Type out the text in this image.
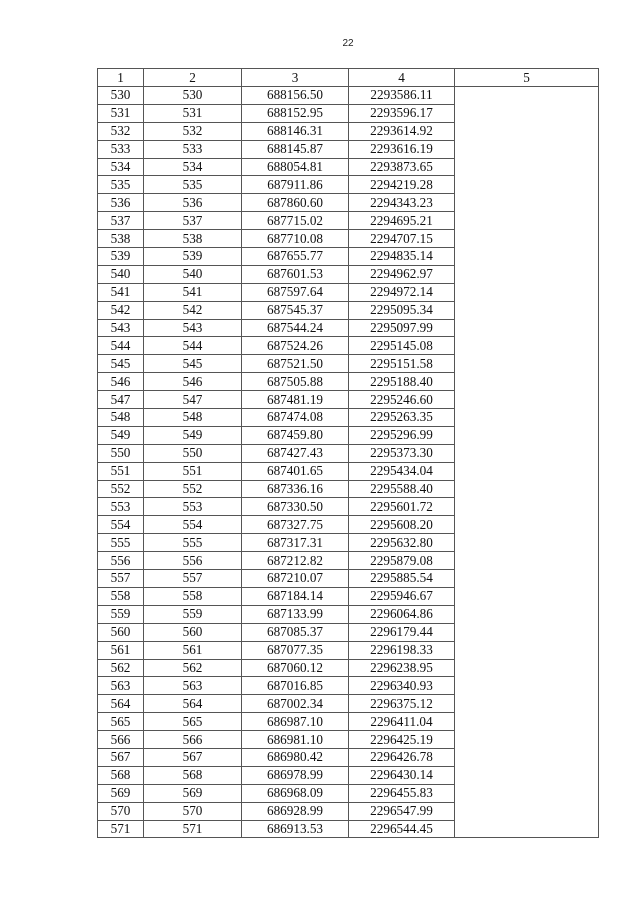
22
1	2	3	4	5
530	530	688156.50	2293586.11	
531	531	688152.95	2293596.17	
532	532	688146.31	2293614.92	
533	533	688145.87	2293616.19	
534	534	688054.81	2293873.65	
535	535	687911.86	2294219.28	
536	536	687860.60	2294343.23	
537	537	687715.02	2294695.21	
538	538	687710.08	2294707.15	
539	539	687655.77	2294835.14	
540	540	687601.53	2294962.97	
541	541	687597.64	2294972.14	
542	542	687545.37	2295095.34	
543	543	687544.24	2295097.99	
544	544	687524.26	2295145.08	
545	545	687521.50	2295151.58	
546	546	687505.88	2295188.40	
547	547	687481.19	2295246.60	
548	548	687474.08	2295263.35	
549	549	687459.80	2295296.99	
550	550	687427.43	2295373.30	
551	551	687401.65	2295434.04	
552	552	687336.16	2295588.40	
553	553	687330.50	2295601.72	
554	554	687327.75	2295608.20	
555	555	687317.31	2295632.80	
556	556	687212.82	2295879.08	
557	557	687210.07	2295885.54	
558	558	687184.14	2295946.67	
559	559	687133.99	2296064.86	
560	560	687085.37	2296179.44	
561	561	687077.35	2296198.33	
562	562	687060.12	2296238.95	
563	563	687016.85	2296340.93	
564	564	687002.34	2296375.12	
565	565	686987.10	2296411.04	
566	566	686981.10	2296425.19	
567	567	686980.42	2296426.78	
568	568	686978.99	2296430.14	
569	569	686968.09	2296455.83	
570	570	686928.99	2296547.99	
571	571	686913.53	2296544.45	
